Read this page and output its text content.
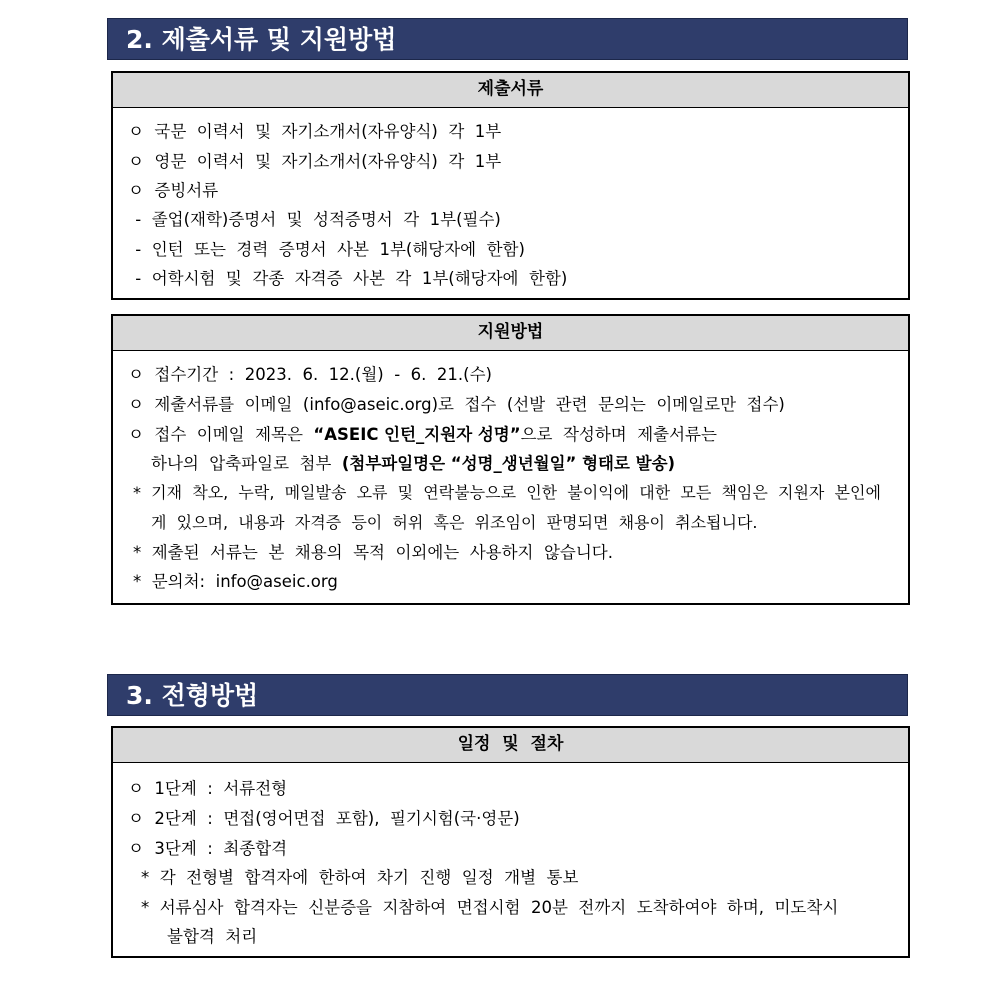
2. 제출서류 및 지원방법
제출서류
ㅇ  국문  이력서  및  자기소개서(자유양식)  각  1부
ㅇ  영문  이력서  및  자기소개서(자유양식)  각  1부
ㅇ  증빙서류
-  졸업(재학)증명서  및  성적증명서  각  1부(필수)
-  인턴  또는  경력  증명서  사본  1부(해당자에  한함)
-  어학시험  및  각종  자격증  사본  각  1부(해당자에  한함)
지원방법
ㅇ  접수기간  :  2023.  6.  12.(월)  -  6.  21.(수)
ㅇ  제출서류를  이메일  (info@aseic.org)로  접수  (선발  관련  문의는  이메일로만  접수)
ㅇ  접수  이메일  제목은  “ASEIC 인턴_지원자 성명”으로  작성하며  제출서류는
하나의  압축파일로  첨부  (첨부파일명은 “성명_생년월일” 형태로 발송)
*  기재  착오,  누락,  메일발송  오류  및  연락불능으로  인한  불이익에  대한  모든  책임은  지원자  본인에
게  있으며,  내용과  자격증  등이  허위  혹은  위조임이  판명되면  채용이  취소됩니다.
*  제출된  서류는  본  채용의  목적  이외에는  사용하지  않습니다.
*  문의처:  info@aseic.org
3. 전형방법
일정  및  절차
ㅇ  1단계  :  서류전형
ㅇ  2단계  :  면접(영어면접  포함),  필기시험(국·영문)
ㅇ  3단계  :  최종합격
*  각  전형별  합격자에  한하여  차기  진행  일정  개별  통보
*  서류심사  합격자는  신분증을  지참하여  면접시험  20분  전까지  도착하여야  하며,  미도착시
불합격  처리
